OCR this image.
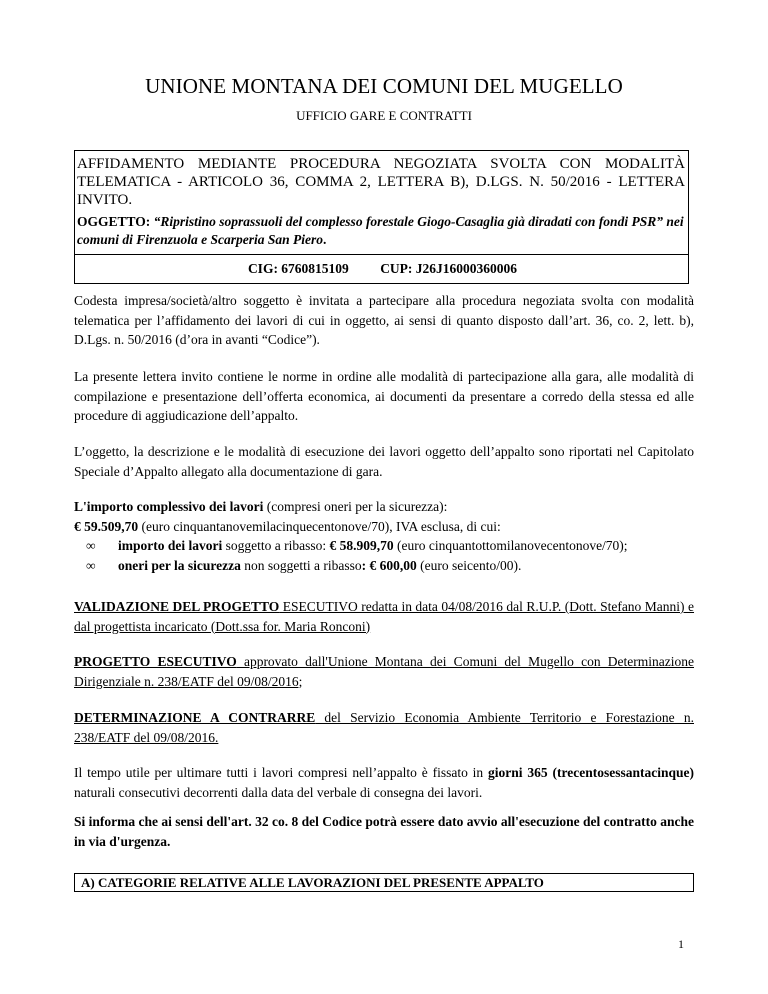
UNIONE MONTANA DEI COMUNI DEL MUGELLO
UFFICIO GARE E CONTRATTI
AFFIDAMENTO MEDIANTE PROCEDURA NEGOZIATA SVOLTA CON MODALITÀ
TELEMATICA - ARTICOLO 36, COMMA 2, LETTERA B), D.LGS. N. 50/2016 - LETTERA
INVITO.
OGGETTO: “Ripristino soprassuoli del complesso forestale Giogo-Casaglia già diradati con fondi PSR” nei comuni di Firenzuola e Scarperia San Piero.
CIG: 6760815109 CUP: J26J16000360006
Codesta impresa/società/altro soggetto è invitata a partecipare alla procedura negoziata svolta con modalità telematica per l’affidamento dei lavori di cui in oggetto, ai sensi di quanto disposto dall’art. 36, co. 2, lett. b), D.Lgs. n. 50/2016 (d’ora in avanti “Codice”).
La presente lettera invito contiene le norme in ordine alle modalità di partecipazione alla gara, alle modalità di compilazione e presentazione dell’offerta economica, ai documenti da presentare a corredo della stessa ed alle procedure di aggiudicazione dell’appalto.
L’oggetto, la descrizione e le modalità di esecuzione dei lavori oggetto dell’appalto sono riportati nel Capitolato Speciale d’Appalto allegato alla documentazione di gara.
L'importo complessivo dei lavori (compresi oneri per la sicurezza):
€ 59.509,70 (euro cinquantanovemilacinquecentonove/70), IVA esclusa, di cui:
∞ importo dei lavori soggetto a ribasso: € 58.909,70 (euro cinquantottomilanovecentonove/70);
∞ oneri per la sicurezza non soggetti a ribasso: € 600,00 (euro seicento/00).
VALIDAZIONE DEL PROGETTO ESECUTIVO redatta in data 04/08/2016 dal R.U.P. (Dott. Stefano Manni) e dal progettista incaricato (Dott.ssa for. Maria Ronconi)
PROGETTO ESECUTIVO approvato dall'Unione Montana dei Comuni del Mugello con Determinazione Dirigenziale n. 238/EATF del 09/08/2016;
DETERMINAZIONE A CONTRARRE del Servizio Economia Ambiente Territorio e Forestazione n. 238/EATF del 09/08/2016.
Il tempo utile per ultimare tutti i lavori compresi nell’appalto è fissato in giorni 365 (trecentosessantacinque) naturali consecutivi decorrenti dalla data del verbale di consegna dei lavori.
Si informa che ai sensi dell'art. 32 co. 8 del Codice potrà essere dato avvio all'esecuzione del contratto anche in via d'urgenza.
A) CATEGORIE RELATIVE ALLE LAVORAZIONI DEL PRESENTE APPALTO
1
